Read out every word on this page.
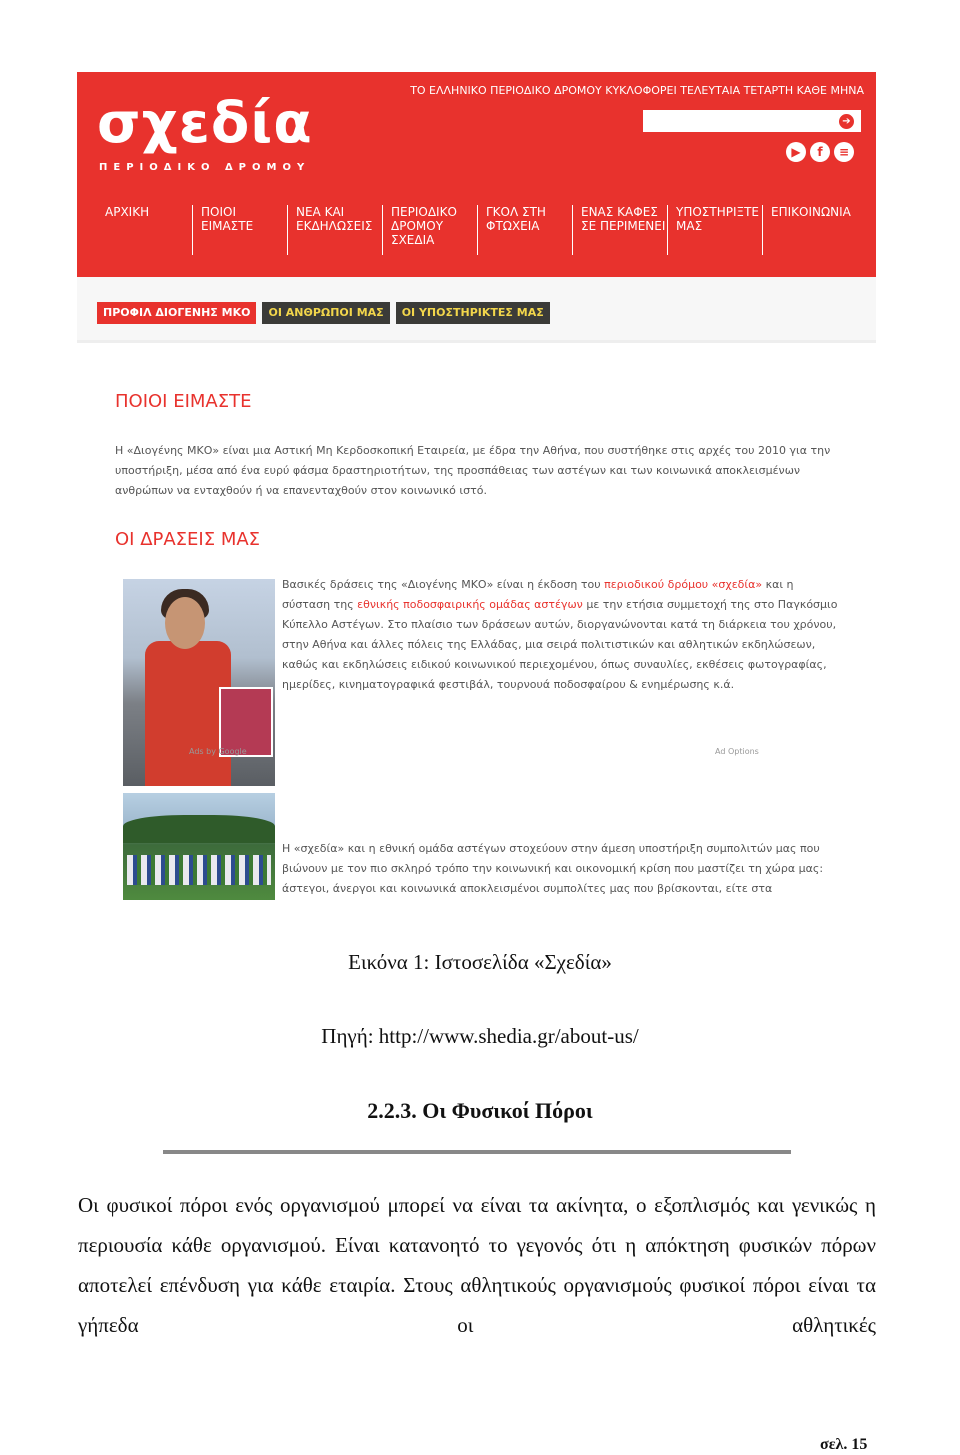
σχεδία
ΠΕΡΙΟΔΙΚΟ ΔΡΟΜΟΥ
ΤΟ ΕΛΛΗΝΙΚΟ ΠΕΡΙΟΔΙΚΟ ΔΡΟΜΟΥ ΚΥΚΛΟΦΟΡΕΙ ΤΕΛΕΥΤΑΙΑ ΤΕΤΑΡΤΗ ΚΑΘΕ ΜΗΝΑ
➔
▶	f	≡
ΑΡΧΙΚΗ	ΠΟΙΟΙ
ΕΙΜΑΣΤΕ
ΝΕΑ ΚΑΙ
ΕΚΔΗΛΩΣΕΙΣ
ΠΕΡΙΟΔΙΚΟ
ΔΡΟΜΟΥ
ΣΧΕΔΙΑ
ΓΚΟΛ ΣΤΗ
ΦΤΩΧΕΙΑ
ΕΝΑΣ ΚΑΦΕΣ
ΣΕ ΠΕΡΙΜΕΝΕΙ
ΥΠΟΣΤΗΡΙΞΤΕ
ΜΑΣ
ΕΠΙΚΟΙΝΩΝΙΑ
ΠΡΟΦΙΛ ΔΙΟΓΕΝΗΣ ΜΚΟ	ΟΙ ΑΝΘΡΩΠΟΙ ΜΑΣ	ΟΙ ΥΠΟΣΤΗΡΙΚΤΕΣ ΜΑΣ
ΠΟΙΟΙ ΕΙΜΑΣΤΕ
Η «Διογένης ΜΚΟ» είναι μια Αστική Μη Κερδοσκοπική Εταιρεία, με έδρα την Αθήνα, που συστήθηκε στις αρχές του 2010 για την υποστήριξη, μέσα από ένα ευρύ φάσμα δραστηριοτήτων, της προσπάθειας των αστέγων και των κοινωνικά αποκλεισμένων ανθρώπων να ενταχθούν ή να επανενταχθούν στον κοινωνικό ιστό.
ΟΙ ΔΡΑΣΕΙΣ ΜΑΣ
Βασικές δράσεις της «Διογένης ΜΚΟ» είναι η έκδοση του περιοδικού δρόμου «σχεδία» και η σύσταση της εθνικής ποδοσφαιρικής ομάδας αστέγων με την ετήσια συμμετοχή της στο Παγκόσμιο Κύπελλο Αστέγων. Στο πλαίσιο των δράσεων αυτών, διοργανώνονται κατά τη διάρκεια του χρόνου, στην Αθήνα και άλλες πόλεις της Ελλάδας, μια σειρά πολιτιστικών και αθλητικών εκδηλώσεων, καθώς και εκδηλώσεις ειδικού κοινωνικού περιεχομένου, όπως συναυλίες, εκθέσεις φωτογραφίας, ημερίδες, κινηματογραφικά φεστιβάλ, τουρνουά ποδοσφαίρου & ενημέρωσης κ.ά.
Ads by Google	Ad Options
Η «σχεδία» και η εθνική ομάδα αστέγων στοχεύουν στην άμεση υποστήριξη συμπολιτών μας που βιώνουν με τον πιο σκληρό τρόπο την κοινωνική και οικονομική κρίση που μαστίζει τη χώρα μας: άστεγοι, άνεργοι και κοινωνικά αποκλεισμένοι συμπολίτες μας που βρίσκονται, είτε στα
Εικόνα 1: Ιστοσελίδα «Σχεδία»
Πηγή: http://www.shedia.gr/about-us/
2.2.3. Οι Φυσικοί Πόροι
Οι φυσικοί πόροι ενός οργανισμού μπορεί να είναι τα ακίνητα, ο εξοπλισμός και γενικώς η περιουσία κάθε οργανισμού. Είναι κατανοητό το γεγονός ότι η απόκτηση φυσικών πόρων αποτελεί επένδυση για κάθε εταιρία. Στους αθλητικούς οργανισμούς φυσικοί πόροι είναι τα γήπεδα οι αθλητικές
σελ. 15
